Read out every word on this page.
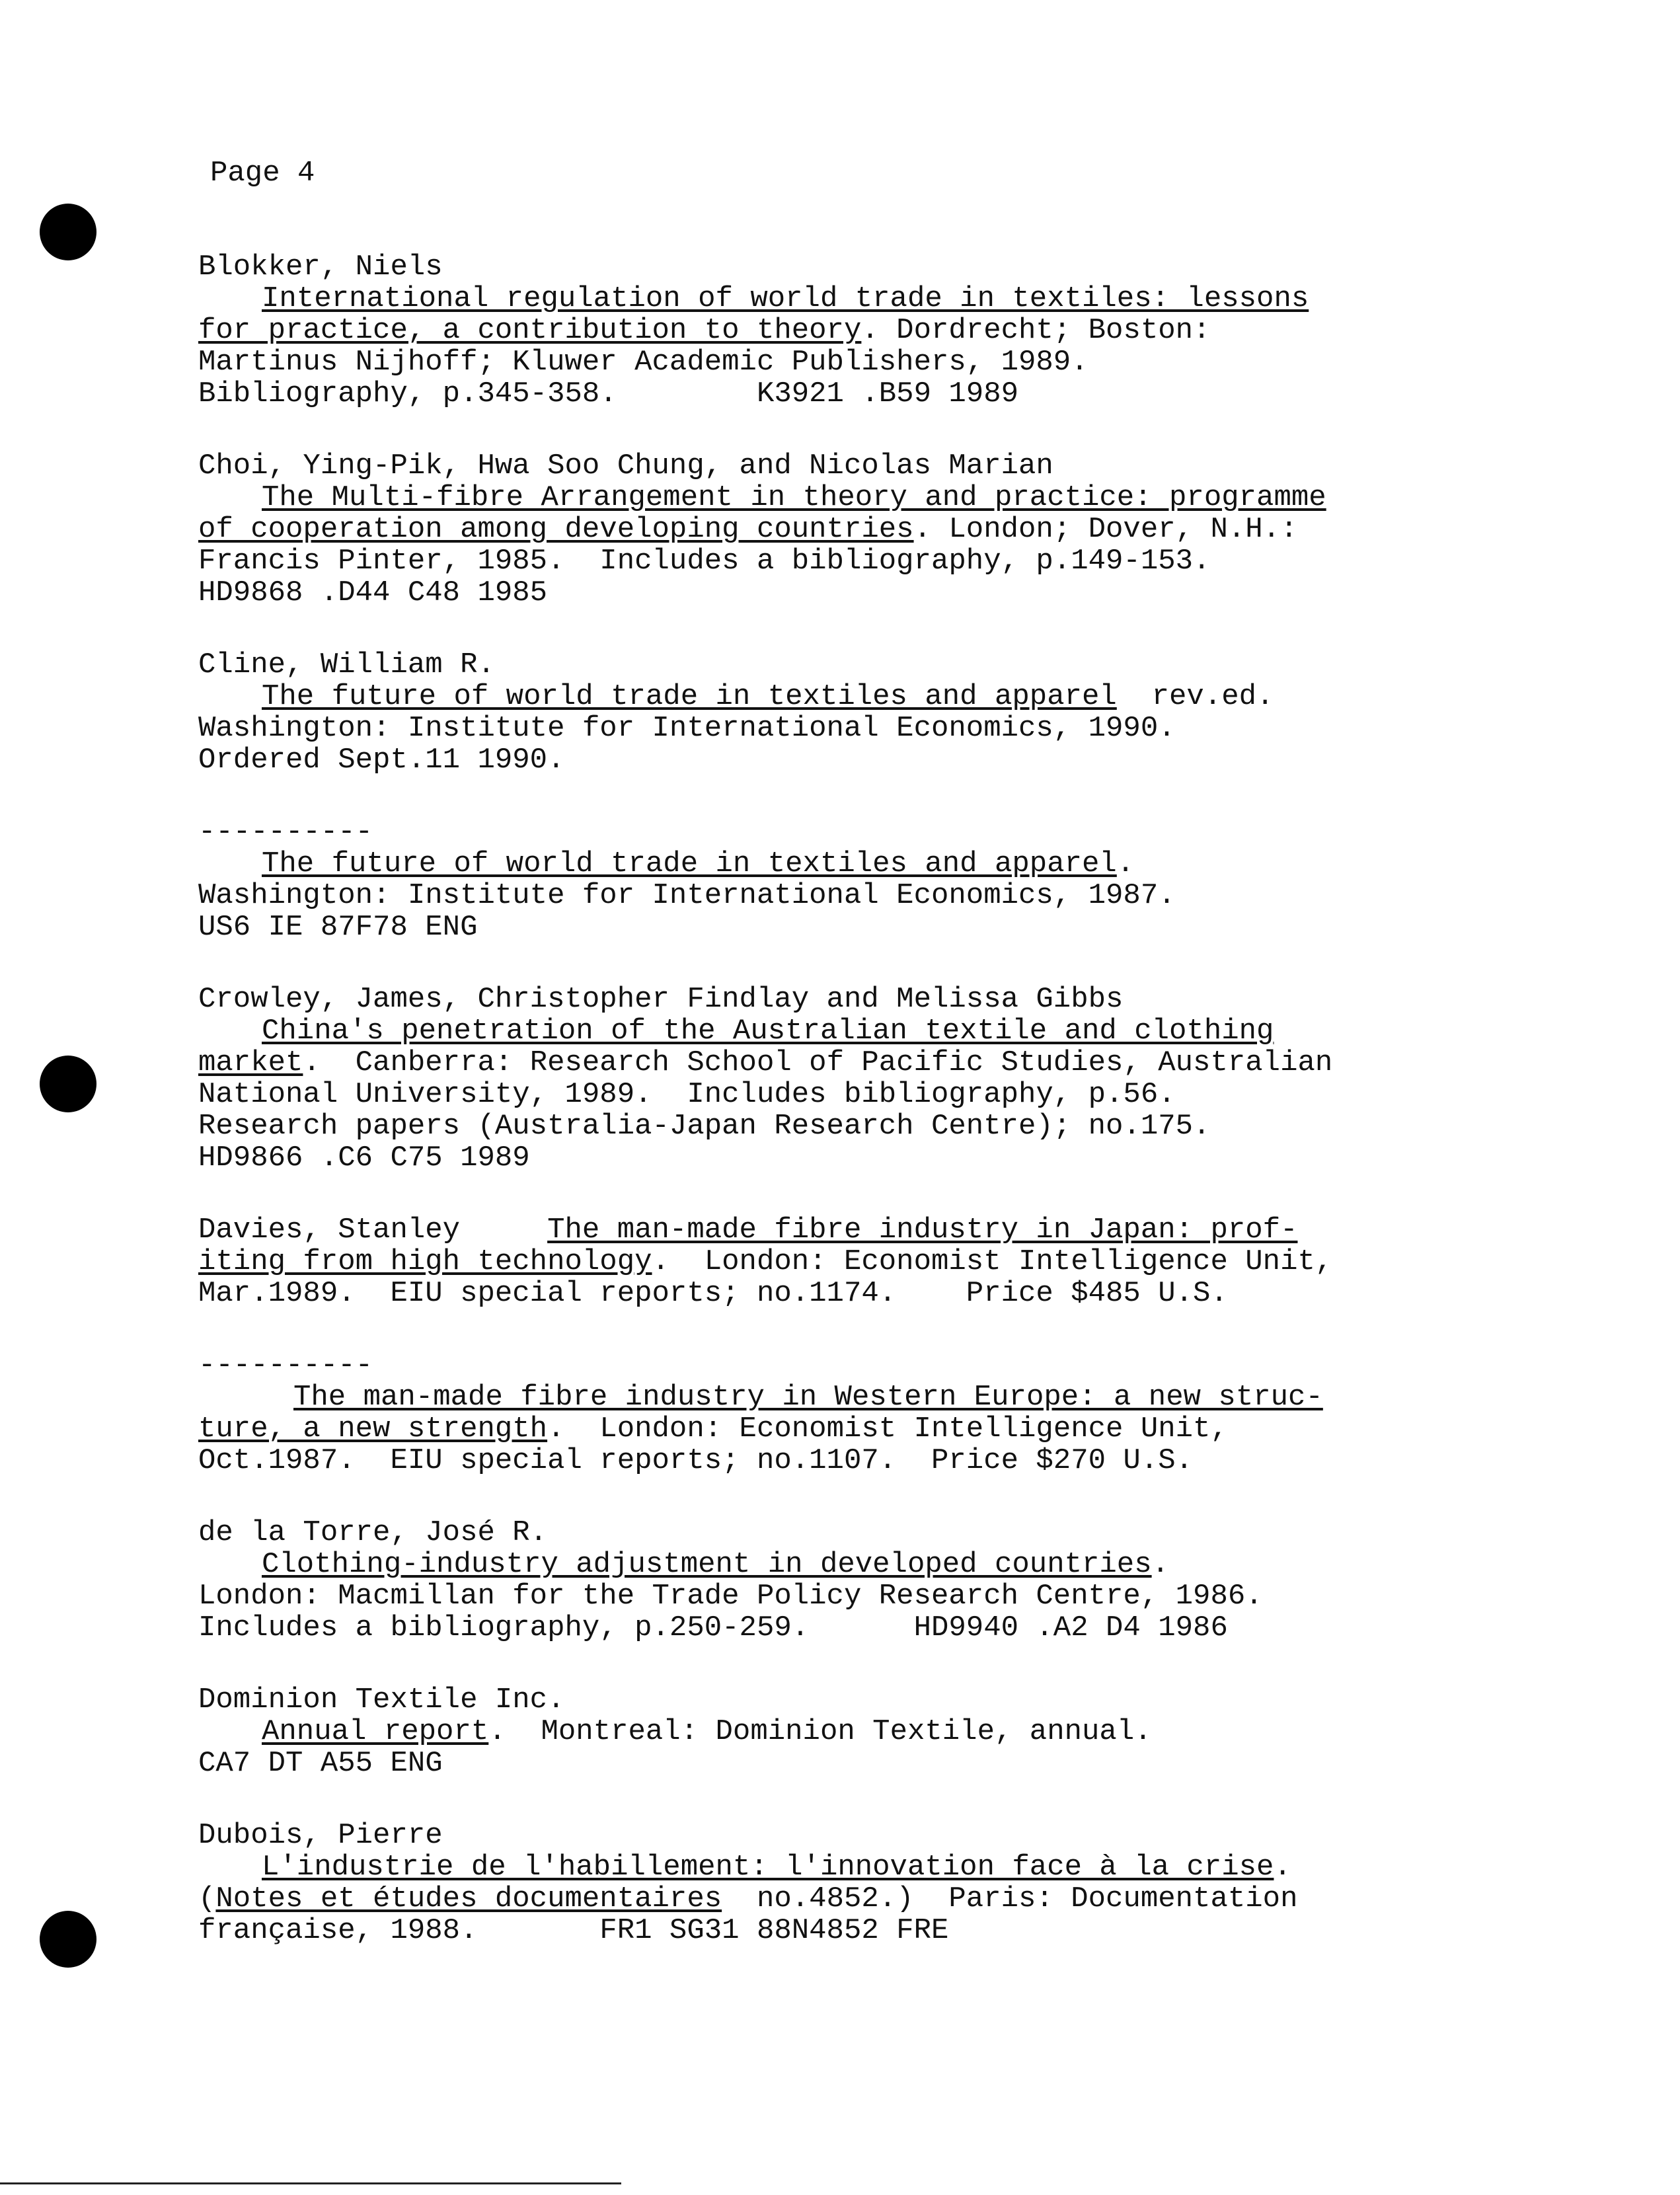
Page 4

Blokker, Niels

International regulation of world trade in textiles: lessons

for practice, a contribution to theory. Dordrecht; Boston:

Martinus Nijhoff; Kluwer Academic Publishers, 1989.

Bibliography, p.345-358.        K3921 .B59 1989

Choi, Ying-Pik, Hwa Soo Chung, and Nicolas Marian

The Multi-fibre Arrangement in theory and practice: programme

of cooperation among developing countries. London; Dover, N.H.:

Francis Pinter, 1985.  Includes a bibliography, p.149-153.

HD9868 .D44 C48 1985

Cline, William R.

The future of world trade in textiles and apparel  rev.ed.

Washington: Institute for International Economics, 1990.

Ordered Sept.11 1990.

----------

The future of world trade in textiles and apparel.

Washington: Institute for International Economics, 1987.

US6 IE 87F78 ENG

Crowley, James, Christopher Findlay and Melissa Gibbs

China's penetration of the Australian textile and clothing

market.  Canberra: Research School of Pacific Studies, Australian

National University, 1989.  Includes bibliography, p.56.

Research papers (Australia-Japan Research Centre); no.175.

HD9866 .C6 C75 1989

Davies, Stanley     The man-made fibre industry in Japan: prof-

iting from high technology.  London: Economist Intelligence Unit,

Mar.1989.  EIU special reports; no.1174.    Price $485 U.S.

----------

The man-made fibre industry in Western Europe: a new struc-

ture, a new strength.  London: Economist Intelligence Unit,

Oct.1987.  EIU special reports; no.1107.  Price $270 U.S.

de la Torre, José R.

Clothing-industry adjustment in developed countries.

London: Macmillan for the Trade Policy Research Centre, 1986.

Includes a bibliography, p.250-259.      HD9940 .A2 D4 1986

Dominion Textile Inc.

Annual report.  Montreal: Dominion Textile, annual.

CA7 DT A55 ENG

Dubois, Pierre

L'industrie de l'habillement: l'innovation face à la crise.

(Notes et études documentaires  no.4852.)  Paris: Documentation

française, 1988.       FR1 SG31 88N4852 FRE
